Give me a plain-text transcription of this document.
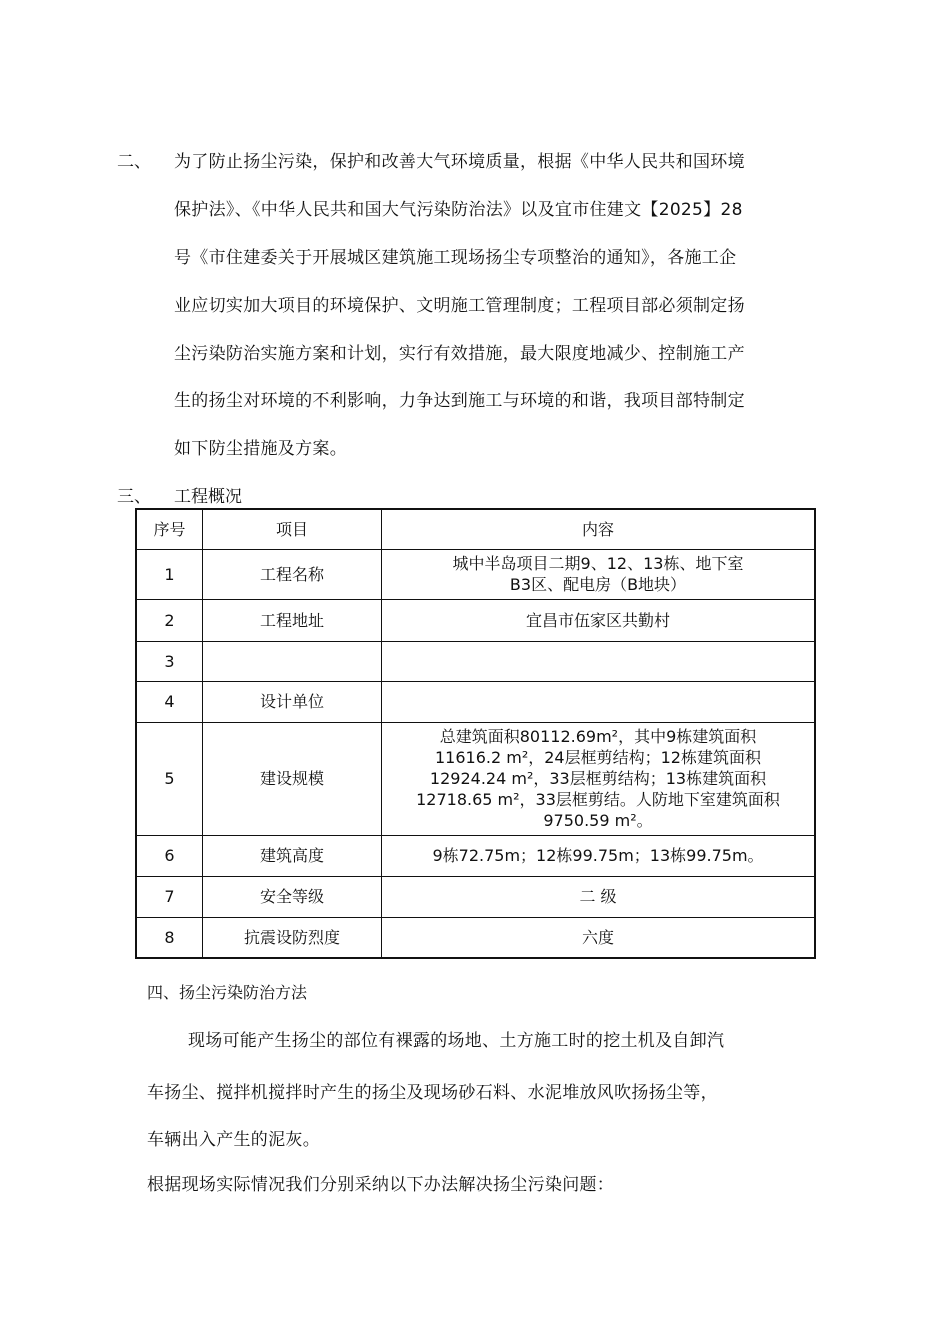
二、 为了防止扬尘污染，保护和改善大气环境质量，根据《中华人民共和国环境
保护法》、《中华人民共和国大气污染防治法》以及宜市住建文【2025】28
号《市住建委关于开展城区建筑施工现场扬尘专项整治的通知》，各施工企
业应切实加大项目的环境保护、文明施工管理制度；工程项目部必须制定扬
尘污染防治实施方案和计划，实行有效措施，最大限度地减少、控制施工产
生的扬尘对环境的不利影响，力争达到施工与环境的和谐，我项目部特制定
如下防尘措施及方案。
三、 工程概况
序号	项目	内容
1	工程名称	城中半岛项目二期9、12、13栋、地下室
B3区、配电房（B地块）

2	工程地址	宜昌市伍家区共勤村

3		
4	设计单位	
5	建设规模	总建筑面积80112.69m²，其中9栋建筑面积
11616.2 m²，24层框剪结构；12栋建筑面积
12924.24 m²，33层框剪结构；13栋建筑面积
12718.65 m²，33层框剪结。人防地下室建筑面积
9750.59 m²。

6	建筑高度	9栋72.75m；12栋99.75m；13栋99.75m。
7	安全等级	二 级
8	抗震设防烈度	六度
四、扬尘污染防治方法
现场可能产生扬尘的部位有裸露的场地、土方施工时的挖土机及自卸汽
车扬尘、搅拌机搅拌时产生的扬尘及现场砂石料、水泥堆放风吹扬扬尘等，
车辆出入产生的泥灰。
根据现场实际情况我们分别采纳以下办法解决扬尘污染问题：
